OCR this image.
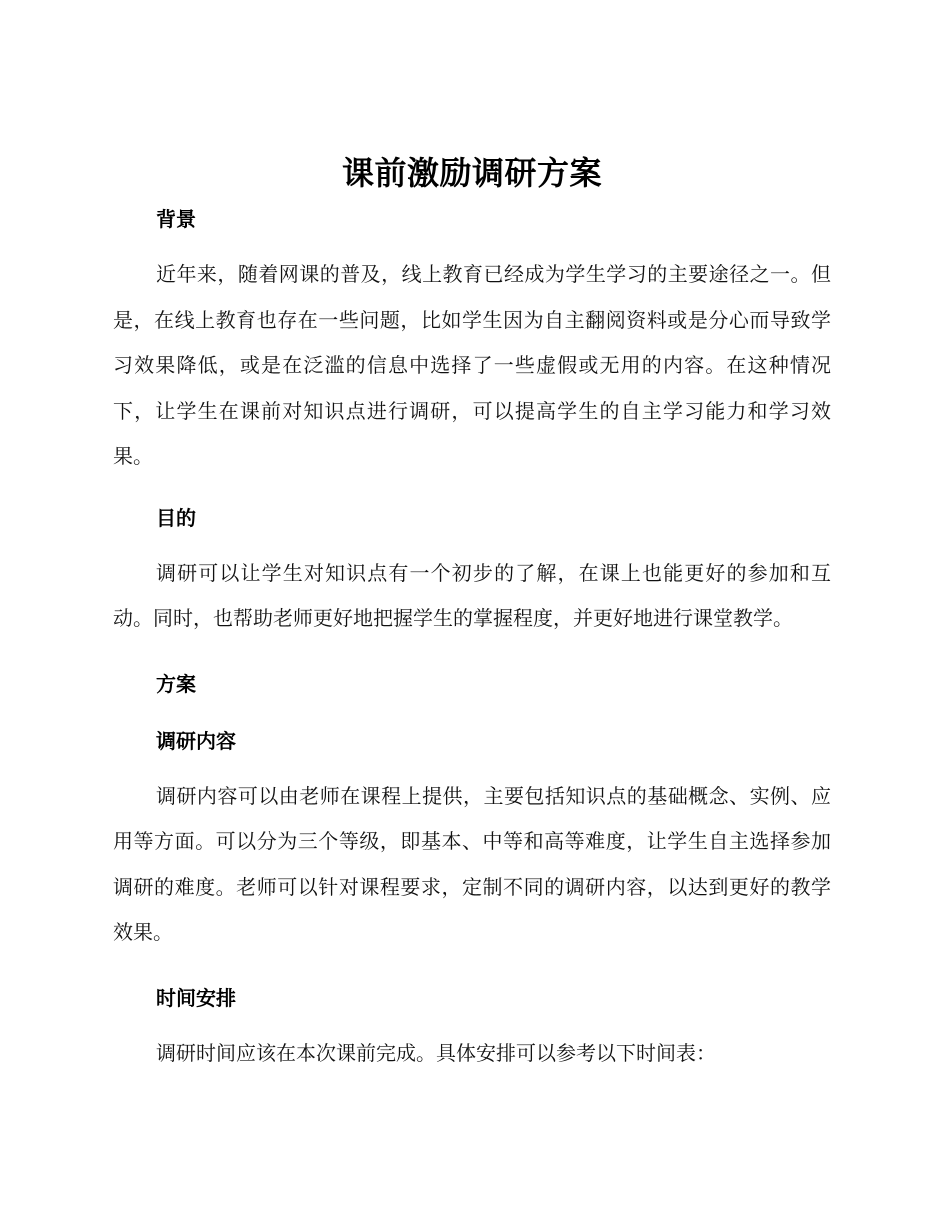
课前激励调研方案
背景

近年来，随着网课的普及，线上教育已经成为学生学习的主要途径之一。但是，在线上教育也存在一些问题，比如学生因为自主翻阅资料或是分心而导致学习效果降低，或是在泛滥的信息中选择了一些虚假或无用的内容。在这种情况下，让学生在课前对知识点进行调研，可以提高学生的自主学习能力和学习效果。

目的

调研可以让学生对知识点有一个初步的了解，在课上也能更好的参加和互动。同时，也帮助老师更好地把握学生的掌握程度，并更好地进行课堂教学。

方案
调研内容

调研内容可以由老师在课程上提供，主要包括知识点的基础概念、实例、应用等方面。可以分为三个等级，即基本、中等和高等难度，让学生自主选择参加调研的难度。老师可以针对课程要求，定制不同的调研内容，以达到更好的教学效果。

时间安排

调研时间应该在本次课前完成。具体安排可以参考以下时间表：
